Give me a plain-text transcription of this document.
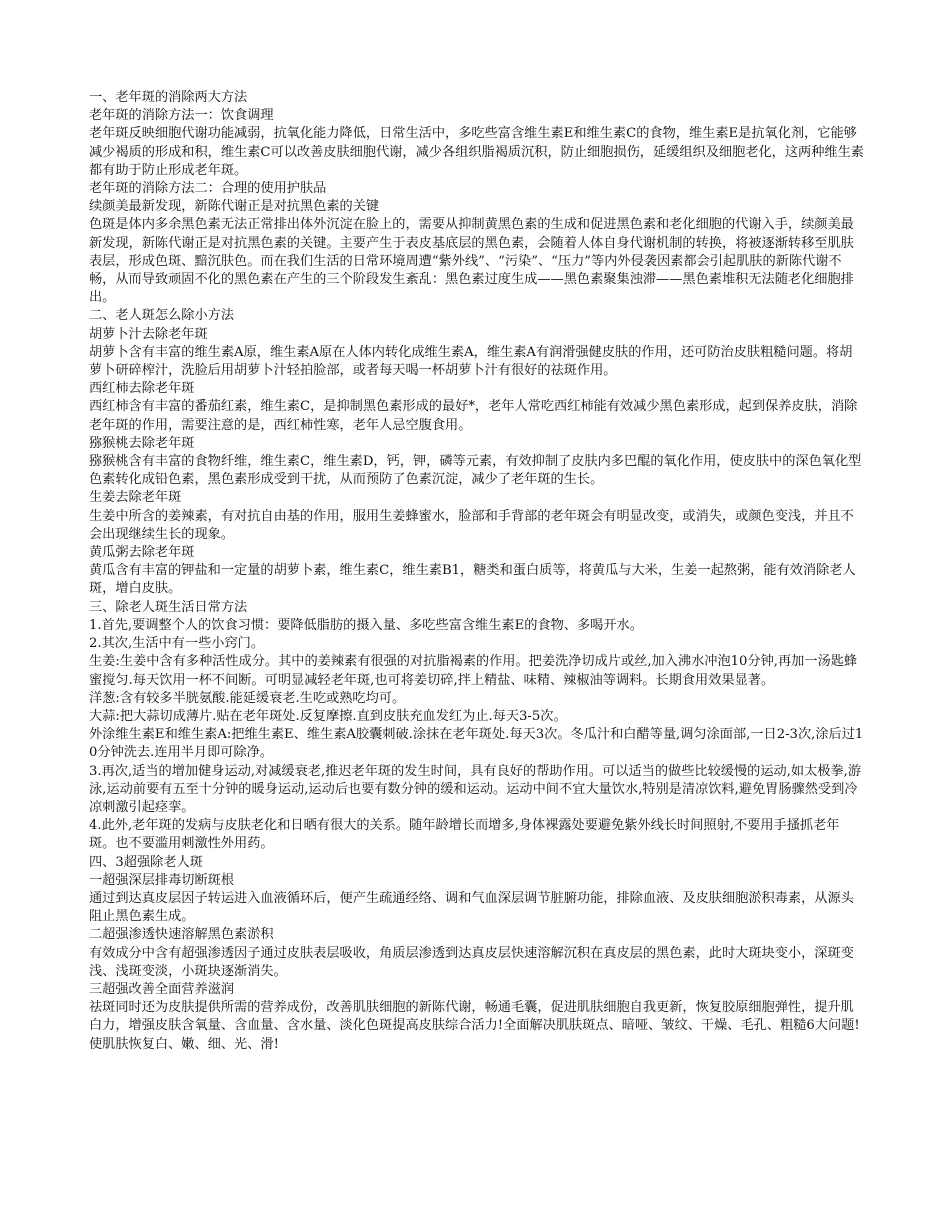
一、老年斑的消除两大方法
老年斑的消除方法一：饮食调理
老年斑反映细胞代谢功能减弱，抗氧化能力降低，日常生活中，多吃些富含维生素E和维生素C的食物，维生素E是抗氧化剂，它能够减少褐质的形成和积，维生素C可以改善皮肤细胞代谢，减少各组织脂褐质沉积，防止细胞损伤，延缓组织及细胞老化，这两种维生素都有助于防止形成老年斑。
老年斑的消除方法二：合理的使用护肤品
续颜美最新发现，新陈代谢正是对抗黑色素的关键
色斑是体内多余黑色素无法正常排出体外沉淀在脸上的，需要从抑制黄黑色素的生成和促进黑色素和老化细胞的代谢入手，续颜美最新发现，新陈代谢正是对抗黑色素的关键。主要产生于表皮基底层的黑色素，会随着人体自身代谢机制的转换，将被逐渐转移至肌肤表层，形成色斑、黯沉肤色。而在我们生活的日常环境周遭“紫外线”、“污染”、“压力”等内外侵袭因素都会引起肌肤的新陈代谢不畅，从而导致顽固不化的黑色素在产生的三个阶段发生紊乱：黑色素过度生成——黑色素聚集浊滞——黑色素堆积无法随老化细胞排出。
二、老人斑怎么除小方法
胡萝卜汁去除老年斑
胡萝卜含有丰富的维生素A原，维生素A原在人体内转化成维生素A，维生素A有润滑强健皮肤的作用，还可防治皮肤粗糙问题。将胡萝卜研碎榨汁，洗脸后用胡萝卜汁轻拍脸部，或者每天喝一杯胡萝卜汁有很好的祛斑作用。
西红柿去除老年斑
西红柿含有丰富的番茄红素，维生素C，是抑制黑色素形成的最好*，老年人常吃西红柿能有效减少黑色素形成，起到保养皮肤，消除老年斑的作用，需要注意的是，西红柿性寒，老年人忌空腹食用。
猕猴桃去除老年斑
猕猴桃含有丰富的食物纤维，维生素C，维生素D，钙，钾，磷等元素，有效抑制了皮肤内多巴醌的氧化作用，使皮肤中的深色氧化型色素转化成铅色素，黑色素形成受到干扰，从而预防了色素沉淀，减少了老年斑的生长。
生姜去除老年斑
生姜中所含的姜辣素，有对抗自由基的作用，服用生姜蜂蜜水，脸部和手背部的老年斑会有明显改变，或消失，或颜色变浅，并且不会出现继续生长的现象。
黄瓜粥去除老年斑
黄瓜含有丰富的钾盐和一定量的胡萝卜素，维生素C，维生素B1，糖类和蛋白质等，将黄瓜与大米，生姜一起熬粥，能有效消除老人斑，增白皮肤。
三、除老人斑生活日常方法
1.首先,要调整个人的饮食习惯：要降低脂肪的摄入量、多吃些富含维生素E的食物、多喝开水。
2.其次,生活中有一些小窍门。
生姜:生姜中含有多种活性成分。其中的姜辣素有很强的对抗脂褐素的作用。把姜洗净切成片或丝,加入沸水冲泡10分钟,再加一汤匙蜂蜜搅匀.每天饮用一杯不间断。可明显减轻老年斑,也可将姜切碎,拌上精盐、味精、辣椒油等调料。长期食用效果显著。
洋葱:含有较多半胱氨酸.能延缓衰老.生吃或熟吃均可。
大蒜:把大蒜切成薄片.贴在老年斑处.反复摩擦.直到皮肤充血发红为止.每天3-5次。
外涂维生素E和维生素A:把维生素E、维生素A胶囊刺破.涂抹在老年斑处.每天3次。冬瓜汁和白醋等量,调匀涂面部,一日2-3次,涂后过10分钟洗去.连用半月即可除净。
3.再次,适当的增加健身运动,对减缓衰老,推迟老年斑的发生时间，具有良好的帮助作用。可以适当的做些比较缓慢的运动,如太极拳,游泳,运动前要有五至十分钟的暖身运动,运动后也要有数分钟的缓和运动。运动中间不宜大量饮水,特别是清凉饮料,避免胃肠骤然受到冷凉刺激引起痉挛。
4.此外,老年斑的发病与皮肤老化和日晒有很大的关系。随年龄增长而增多,身体裸露处要避免紫外线长时间照射,不要用手搔抓老年斑。也不要滥用刺激性外用药。
四、3超强除老人斑
一超强深层排毒切断斑根
通过到达真皮层因子转运进入血液循环后，便产生疏通经络、调和气血深层调节脏腑功能，排除血液、及皮肤细胞淤积毒素，从源头阻止黑色素生成。
二超强渗透快速溶解黑色素淤积
有效成分中含有超强渗透因子通过皮肤表层吸收，角质层渗透到达真皮层快速溶解沉积在真皮层的黑色素，此时大斑块变小，深斑变浅、浅斑变淡，小斑块逐渐消失。
三超强改善全面营养滋润
祛斑同时还为皮肤提供所需的营养成份，改善肌肤细胞的新陈代谢，畅通毛囊，促进肌肤细胞自我更新，恢复胶原细胞弹性，提升肌白力，增强皮肤含氧量、含血量、含水量、淡化色斑提高皮肤综合活力!全面解决肌肤斑点、暗哑、皱纹、干燥、毛孔、粗糙6大问题!使肌肤恢复白、嫩、细、光、滑!
